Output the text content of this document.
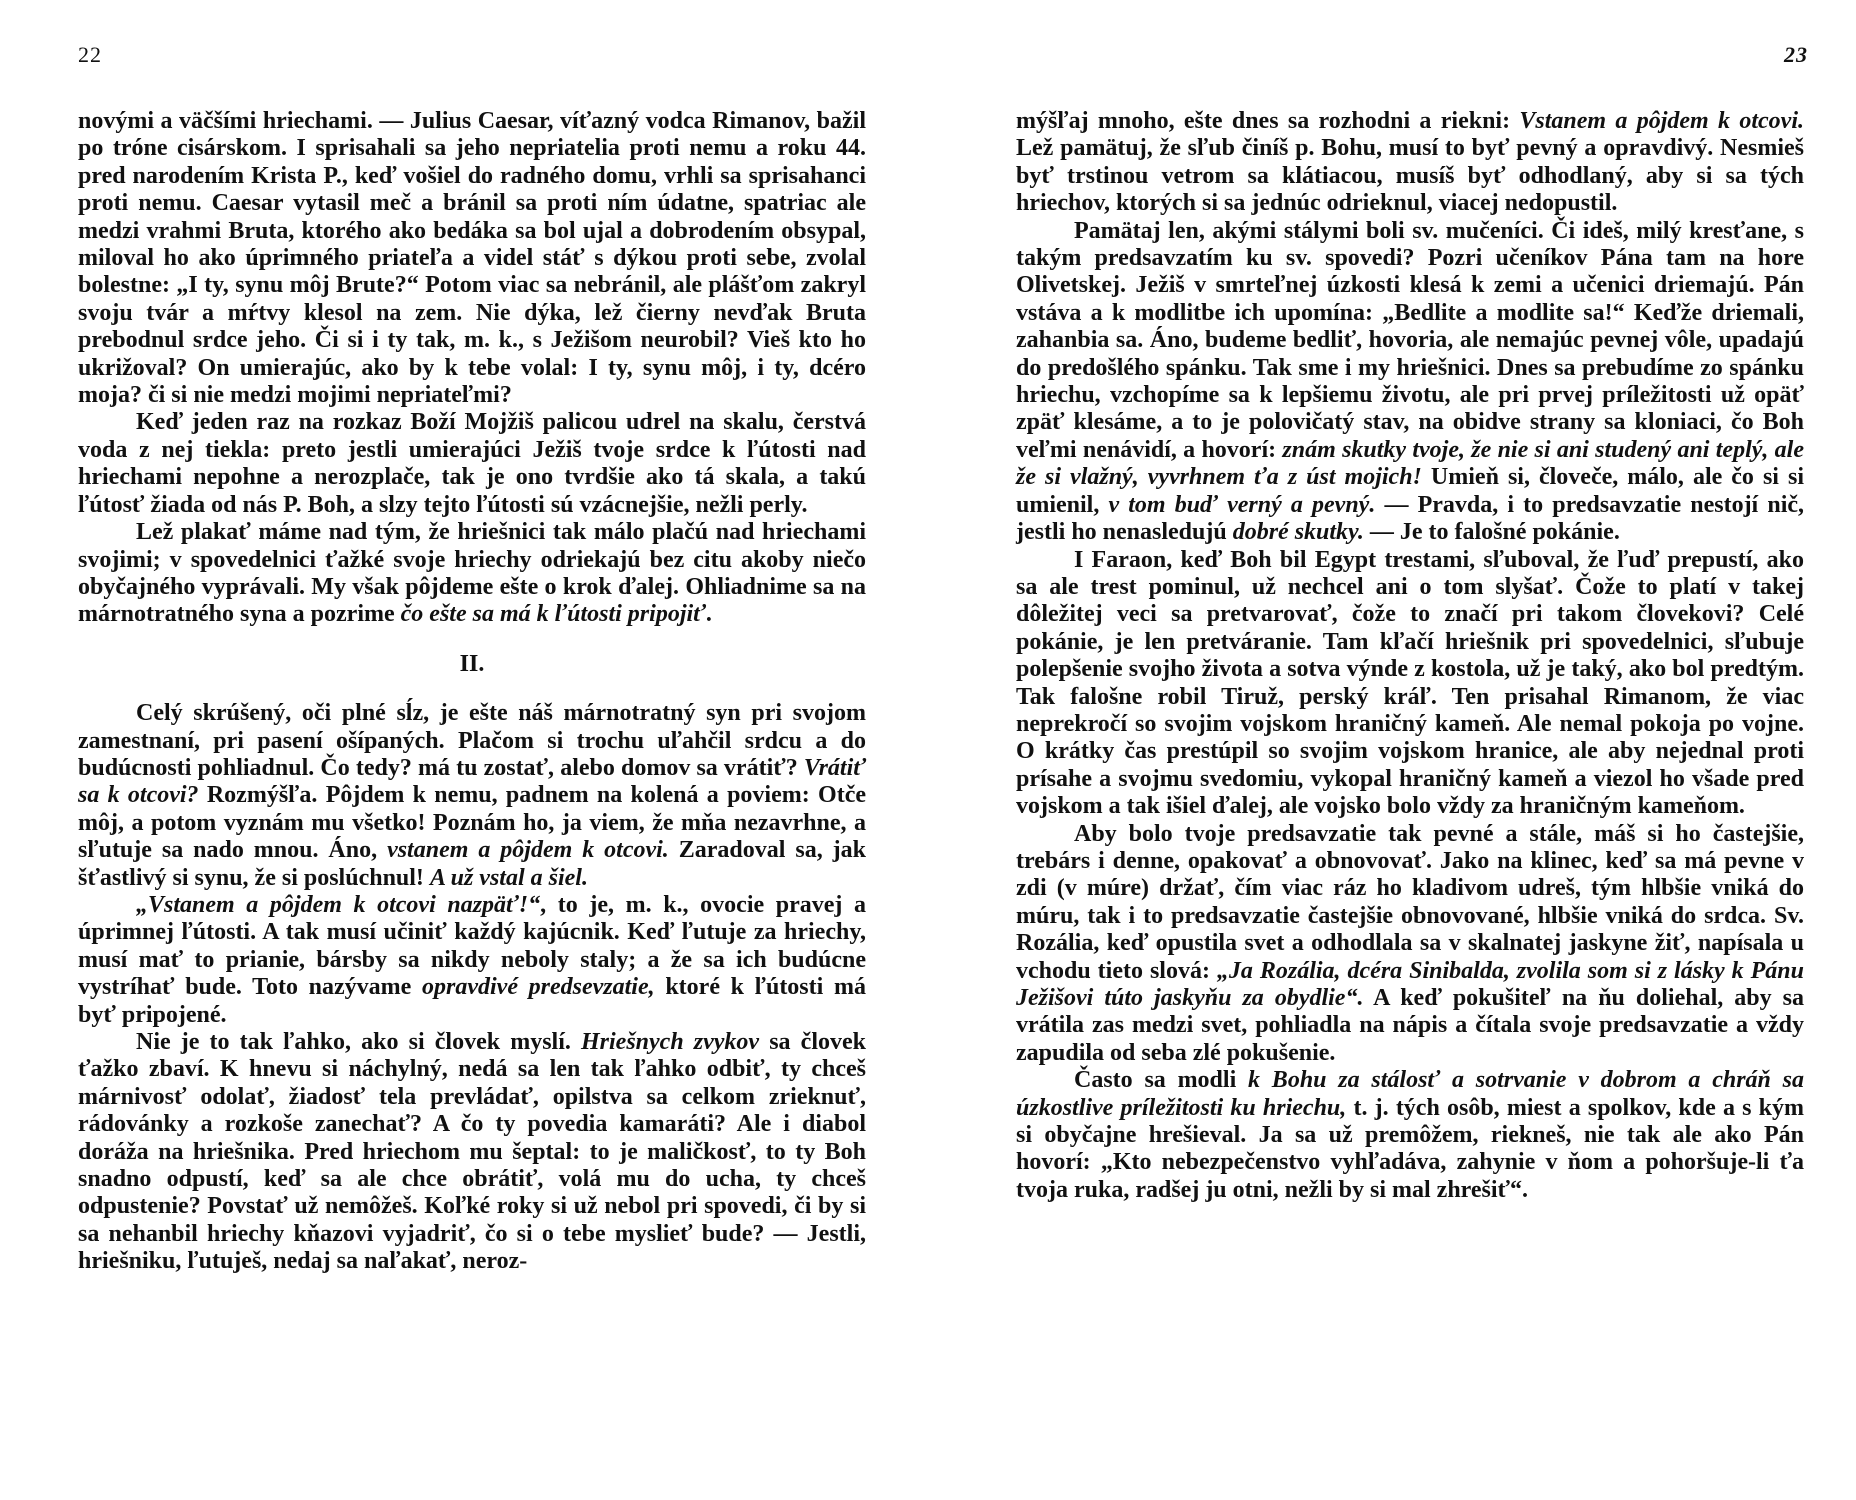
22

novými a väčšími hriechami. — Julius Caesar, víťazný vodca Rimanov, bažil po tróne cisárskom. I sprisahali sa jeho nepriatelia proti nemu a roku 44. pred narodením Krista P., keď vošiel do radného domu, vrhli sa sprisahanci proti nemu. Caesar vytasil meč a bránil sa proti ním údatne, spatriac ale medzi vrahmi Bruta, ktorého ako bedáka sa bol ujal a dobrodením obsypal, miloval ho ako úprimného priateľa a videl stáť s dýkou proti sebe, zvolal bolestne: „I ty, synu môj Brute?“ Potom viac sa nebránil, ale plášťom zakryl svoju tvár a mŕtvy klesol na zem. Nie dýka, lež čierny nevďak Bruta prebodnul srdce jeho. Či si i ty tak, m. k., s Ježišom neurobil? Vieš kto ho ukrižoval? On umierajúc, ako by k tebe volal: I ty, synu môj, i ty, dcéro moja? či si nie medzi mojimi nepriateľmi?

Keď jeden raz na rozkaz Boží Mojžiš palicou udrel na skalu, čerstvá voda z nej tiekla: preto jestli umierajúci Ježiš tvoje srdce k ľútosti nad hriechami nepohne a nerozplače, tak je ono tvrdšie ako tá skala, a takú ľútosť žiada od nás P. Boh, a slzy tejto ľútosti sú vzácnejšie, nežli perly.

Lež plakať máme nad tým, že hriešnici tak málo plačú nad hriechami svojimi; v spovedelnici ťažké svoje hriechy odriekajú bez citu akoby niečo obyčajného vyprávali. My však pôjdeme ešte o krok ďalej. Ohliadnime sa na márnotratného syna a pozrime čo ešte sa má k ľútosti pripojiť.

II.

Celý skrúšený, oči plné sĺz, je ešte náš márnotratný syn pri svojom zamestnaní, pri pasení ošípaných. Plačom si trochu uľahčil srdcu a do budúcnosti pohliadnul. Čo tedy? má tu zostať, alebo domov sa vrátiť? Vrátiť sa k otcovi? Rozmýšľa. Pôjdem k nemu, padnem na kolená a poviem: Otče môj, a potom vyznám mu všetko! Poznám ho, ja viem, že mňa nezavrhne, a sľutuje sa nado mnou. Áno, vstanem a pôjdem k otcovi. Zaradoval sa, jak šťastlivý si synu, že si poslúchnul! A už vstal a šiel.

„Vstanem a pôjdem k otcovi nazpäť!“, to je, m. k., ovocie pravej a úprimnej ľútosti. A tak musí učiniť každý kajúcnik. Keď ľutuje za hriechy, musí mať to prianie, bársby sa nikdy neboly staly; a že sa ich budúcne vystríhať bude. Toto nazývame opravdivé predsevzatie, ktoré k ľútosti má byť pripojené.

Nie je to tak ľahko, ako si človek myslí. Hriešnych zvykov sa človek ťažko zbaví. K hnevu si náchylný, nedá sa len tak ľahko odbiť, ty chceš márnivosť odolať, žiadosť tela prevládať, opilstva sa celkom zrieknuť, rádovánky a rozkoše zanechať? A čo ty povedia kamaráti? Ale i diabol doráža na hriešnika. Pred hriechom mu šeptal: to je maličkosť, to ty Boh snadno odpustí, keď sa ale chce obrátiť, volá mu do ucha, ty chceš odpustenie? Povstať už nemôžeš. Koľké roky si už nebol pri spovedi, či by si sa nehanbil hriechy kňazovi vyjadriť, čo si o tebe myslieť bude? — Jestli, hriešniku, ľutuješ, nedaj sa naľakať, neroz-

23

mýšľaj mnoho, ešte dnes sa rozhodni a riekni: Vstanem a pôjdem k otcovi. Lež pamätuj, že sľub činíš p. Bohu, musí to byť pevný a opravdivý. Nesmieš byť trstinou vetrom sa klátiacou, musíš byť odhodlaný, aby si sa tých hriechov, ktorých si sa jednúc odrieknul, viacej nedopustil.

Pamätaj len, akými stálymi boli sv. mučeníci. Či ideš, milý kresťane, s takým predsavzatím ku sv. spovedi? Pozri učeníkov Pána tam na hore Olivetskej. Ježiš v smrteľnej úzkosti klesá k zemi a učenici driemajú. Pán vstáva a k modlitbe ich upomína: „Bedlite a modlite sa!“ Keďže driemali, zahanbia sa. Áno, budeme bedliť, hovoria, ale nemajúc pevnej vôle, upadajú do predošlého spánku. Tak sme i my hriešnici. Dnes sa prebudíme zo spánku hriechu, vzchopíme sa k lepšiemu životu, ale pri prvej príležitosti už opäť zpäť klesáme, a to je polovičatý stav, na obidve strany sa kloniaci, čo Boh veľmi nenávidí, a hovorí: znám skutky tvoje, že nie si ani studený ani teplý, ale že si vlažný, vyvrhnem ťa z úst mojich! Umieň si, človeče, málo, ale čo si si umienil, v tom buď verný a pevný. — Pravda, i to predsavzatie nestojí nič, jestli ho nenasledujú dobré skutky. — Je to falošné pokánie.

I Faraon, keď Boh bil Egypt trestami, sľuboval, že ľuď prepustí, ako sa ale trest pominul, už nechcel ani o tom slyšať. Čože to platí v takej dôležitej veci sa pretvarovať, čože to značí pri takom človekovi? Celé pokánie, je len pretváranie. Tam kľačí hriešnik pri spovedelnici, sľubuje polepšenie svojho života a sotva výnde z kostola, už je taký, ako bol predtým. Tak falošne robil Tiruž, perský kráľ. Ten prisahal Rimanom, že viac neprekročí so svojim vojskom hraničný kameň. Ale nemal pokoja po vojne. O krátky čas prestúpil so svojim vojskom hranice, ale aby nejednal proti prísahe a svojmu svedomiu, vykopal hraničný kameň a viezol ho všade pred vojskom a tak išiel ďalej, ale vojsko bolo vždy za hraničným kameňom.

Aby bolo tvoje predsavzatie tak pevné a stále, máš si ho častejšie, trebárs i denne, opakovať a obnovovať. Jako na klinec, keď sa má pevne v zdi (v múre) držať, čím viac ráz ho kladivom udreš, tým hlbšie vniká do múru, tak i to predsavzatie častejšie obnovované, hlbšie vniká do srdca. Sv. Rozália, keď opustila svet a odhodlala sa v skalnatej jaskyne žiť, napísala u vchodu tieto slová: „Ja Rozália, dcéra Sinibalda, zvolila som si z lásky k Pánu Ježišovi túto jaskyňu za obydlie“. A keď pokušiteľ na ňu doliehal, aby sa vrátila zas medzi svet, pohliadla na nápis a čítala svoje predsavzatie a vždy zapudila od seba zlé pokušenie.

Často sa modli k Bohu za stálosť a sotrvanie v dobrom a chráň sa úzkostlive príležitosti ku hriechu, t. j. tých osôb, miest a spolkov, kde a s kým si obyčajne hrešieval. Ja sa už premôžem, riekneš, nie tak ale ako Pán hovorí: „Kto nebezpečenstvo vyhľadáva, zahynie v ňom a pohoršuje-li ťa tvoja ruka, radšej ju otni, nežli by si mal zhrešiť“.
